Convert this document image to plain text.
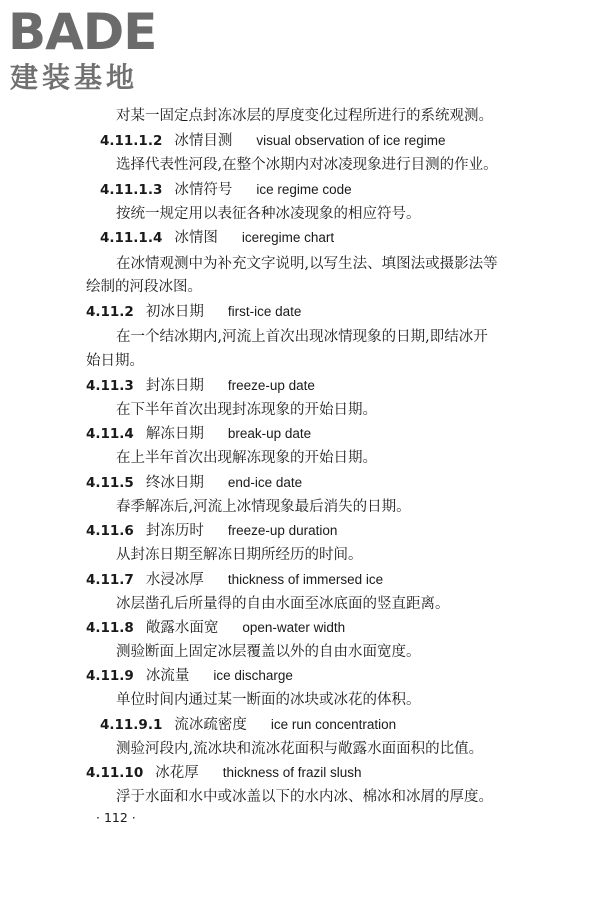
BADE
建装基地
对某一固定点封冻冰层的厚度变化过程所进行的系统观测。
4.11.1.2 冰情目测 visual observation of ice regime
选择代表性河段,在整个冰期内对冰凌现象进行目测的作业。
4.11.1.3 冰情符号 ice regime code
按统一规定用以表征各种冰凌现象的相应符号。
4.11.1.4 冰情图 iceregime chart
在冰情观测中为补充文字说明,以写生法、填图法或摄影法等
绘制的河段冰图。
4.11.2 初冰日期 first-ice date
在一个结冰期内,河流上首次出现冰情现象的日期,即结冰开
始日期。
4.11.3 封冻日期 freeze-up date
在下半年首次出现封冻现象的开始日期。
4.11.4 解冻日期 break-up date
在上半年首次出现解冻现象的开始日期。
4.11.5 终冰日期 end-ice date
春季解冻后,河流上冰情现象最后消失的日期。
4.11.6 封冻历时 freeze-up duration
从封冻日期至解冻日期所经历的时间。
4.11.7 水浸冰厚 thickness of immersed ice
冰层凿孔后所量得的自由水面至冰底面的竖直距离。
4.11.8 敞露水面宽 open-water width
测验断面上固定冰层覆盖以外的自由水面宽度。
4.11.9 冰流量 ice discharge
单位时间内通过某一断面的冰块或冰花的体积。
4.11.9.1 流冰疏密度 ice run concentration
测验河段内,流冰块和流冰花面积与敞露水面面积的比值。
4.11.10 冰花厚 thickness of frazil slush
浮于水面和水中或冰盖以下的水内冰、棉冰和冰屑的厚度。
· 112 ·
